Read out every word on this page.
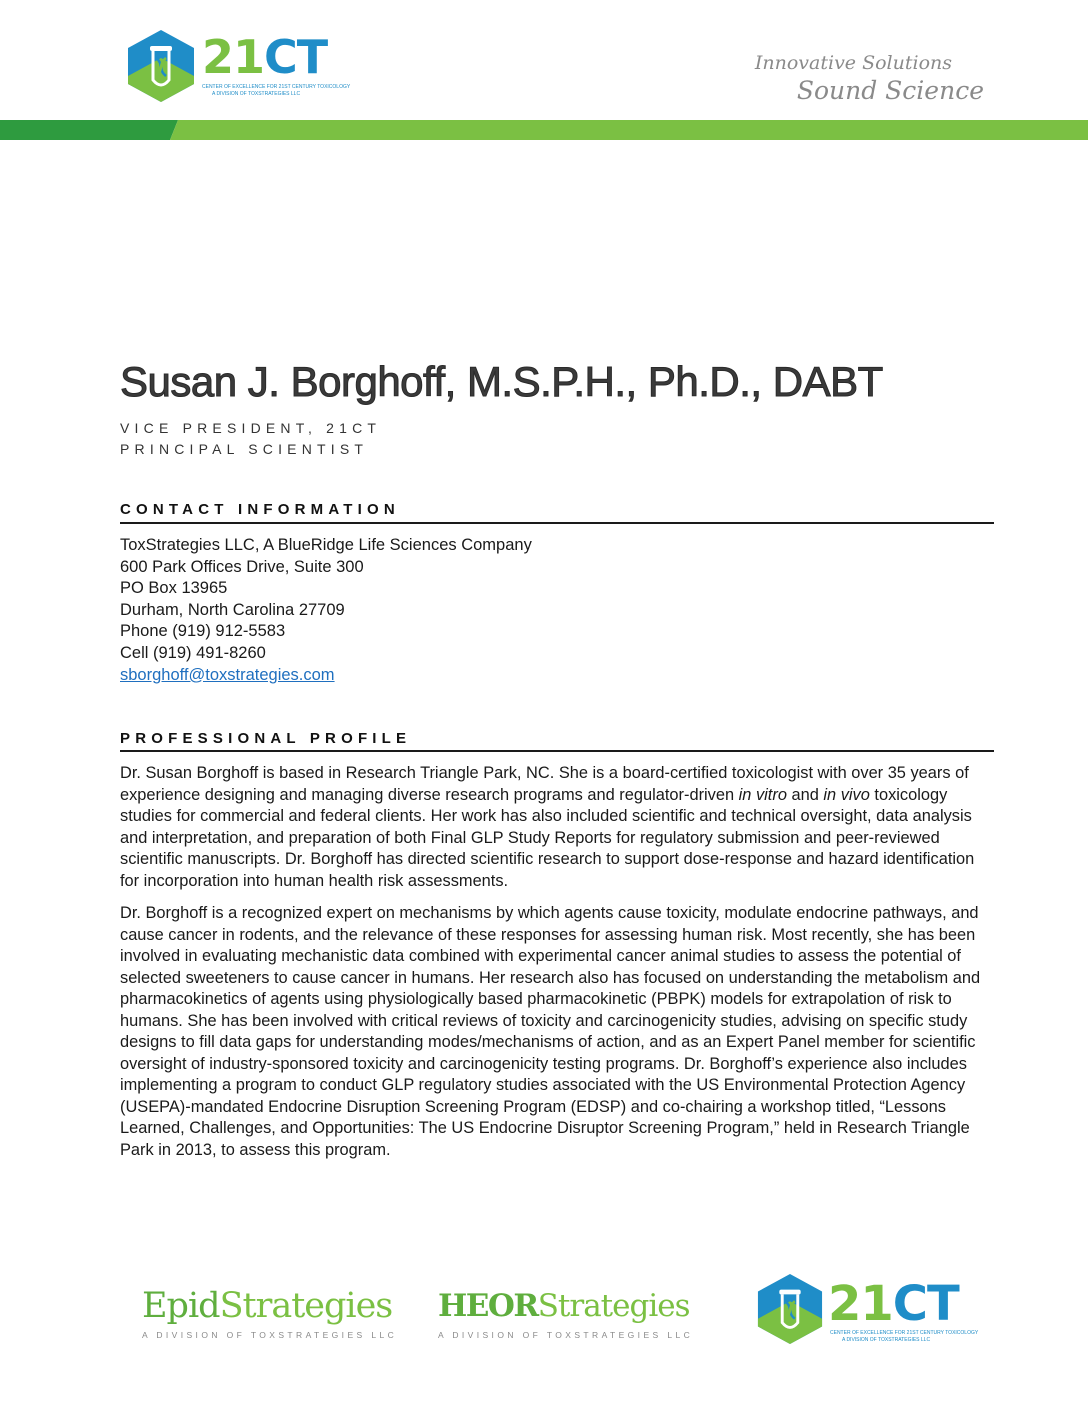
21CT
CENTER OF EXCELLENCE FOR 21ST CENTURY TOXICOLOGY
A DIVISION OF TOXSTRATEGIES LLC
Innovative Solutions
Sound Science
Susan J. Borghoff, M.S.P.H., Ph.D., DABT
VICE PRESIDENT, 21CT
PRINCIPAL SCIENTIST
CONTACT INFORMATION
ToxStrategies LLC, A BlueRidge Life Sciences Company
600 Park Offices Drive, Suite 300
PO Box 13965
Durham, North Carolina 27709
Phone (919) 912-5583
Cell (919) 491-8260
sborghoff@toxstrategies.com
PROFESSIONAL PROFILE
Dr. Susan Borghoff is based in Research Triangle Park, NC. She is a board-certified toxicologist with over 35 years of experience designing and managing diverse research programs and regulator-driven in vitro and in vivo toxicology studies for commercial and federal clients. Her work has also included scientific and technical oversight, data analysis and interpretation, and preparation of both Final GLP Study Reports for regulatory submission and peer-reviewed scientific manuscripts. Dr. Borghoff has directed scientific research to support dose-response and hazard identification for incorporation into human health risk assessments.
Dr. Borghoff is a recognized expert on mechanisms by which agents cause toxicity, modulate endocrine pathways, and cause cancer in rodents, and the relevance of these responses for assessing human risk. Most recently, she has been involved in evaluating mechanistic data combined with experimental cancer animal studies to assess the potential of selected sweeteners to cause cancer in humans. Her research also has focused on understanding the metabolism and pharmacokinetics of agents using physiologically based pharmacokinetic (PBPK) models for extrapolation of risk to humans. She has been involved with critical reviews of toxicity and carcinogenicity studies, advising on specific study designs to fill data gaps for understanding modes/mechanisms of action, and as an Expert Panel member for scientific oversight of industry-sponsored toxicity and carcinogenicity testing programs. Dr. Borghoff’s experience also includes implementing a program to conduct GLP regulatory studies associated with the US Environmental Protection Agency (USEPA)-mandated Endocrine Disruption Screening Program (EDSP) and co-chairing a workshop titled, “Lessons Learned, Challenges, and Opportunities: The US Endocrine Disruptor Screening Program,” held in Research Triangle Park in 2013, to assess this program.
EpidStrategies
A DIVISION OF TOXSTRATEGIES LLC
HEORStrategies
A DIVISION OF TOXSTRATEGIES LLC
21CT
CENTER OF EXCELLENCE FOR 21ST CENTURY TOXICOLOGY
A DIVISION OF TOXSTRATEGIES LLC
